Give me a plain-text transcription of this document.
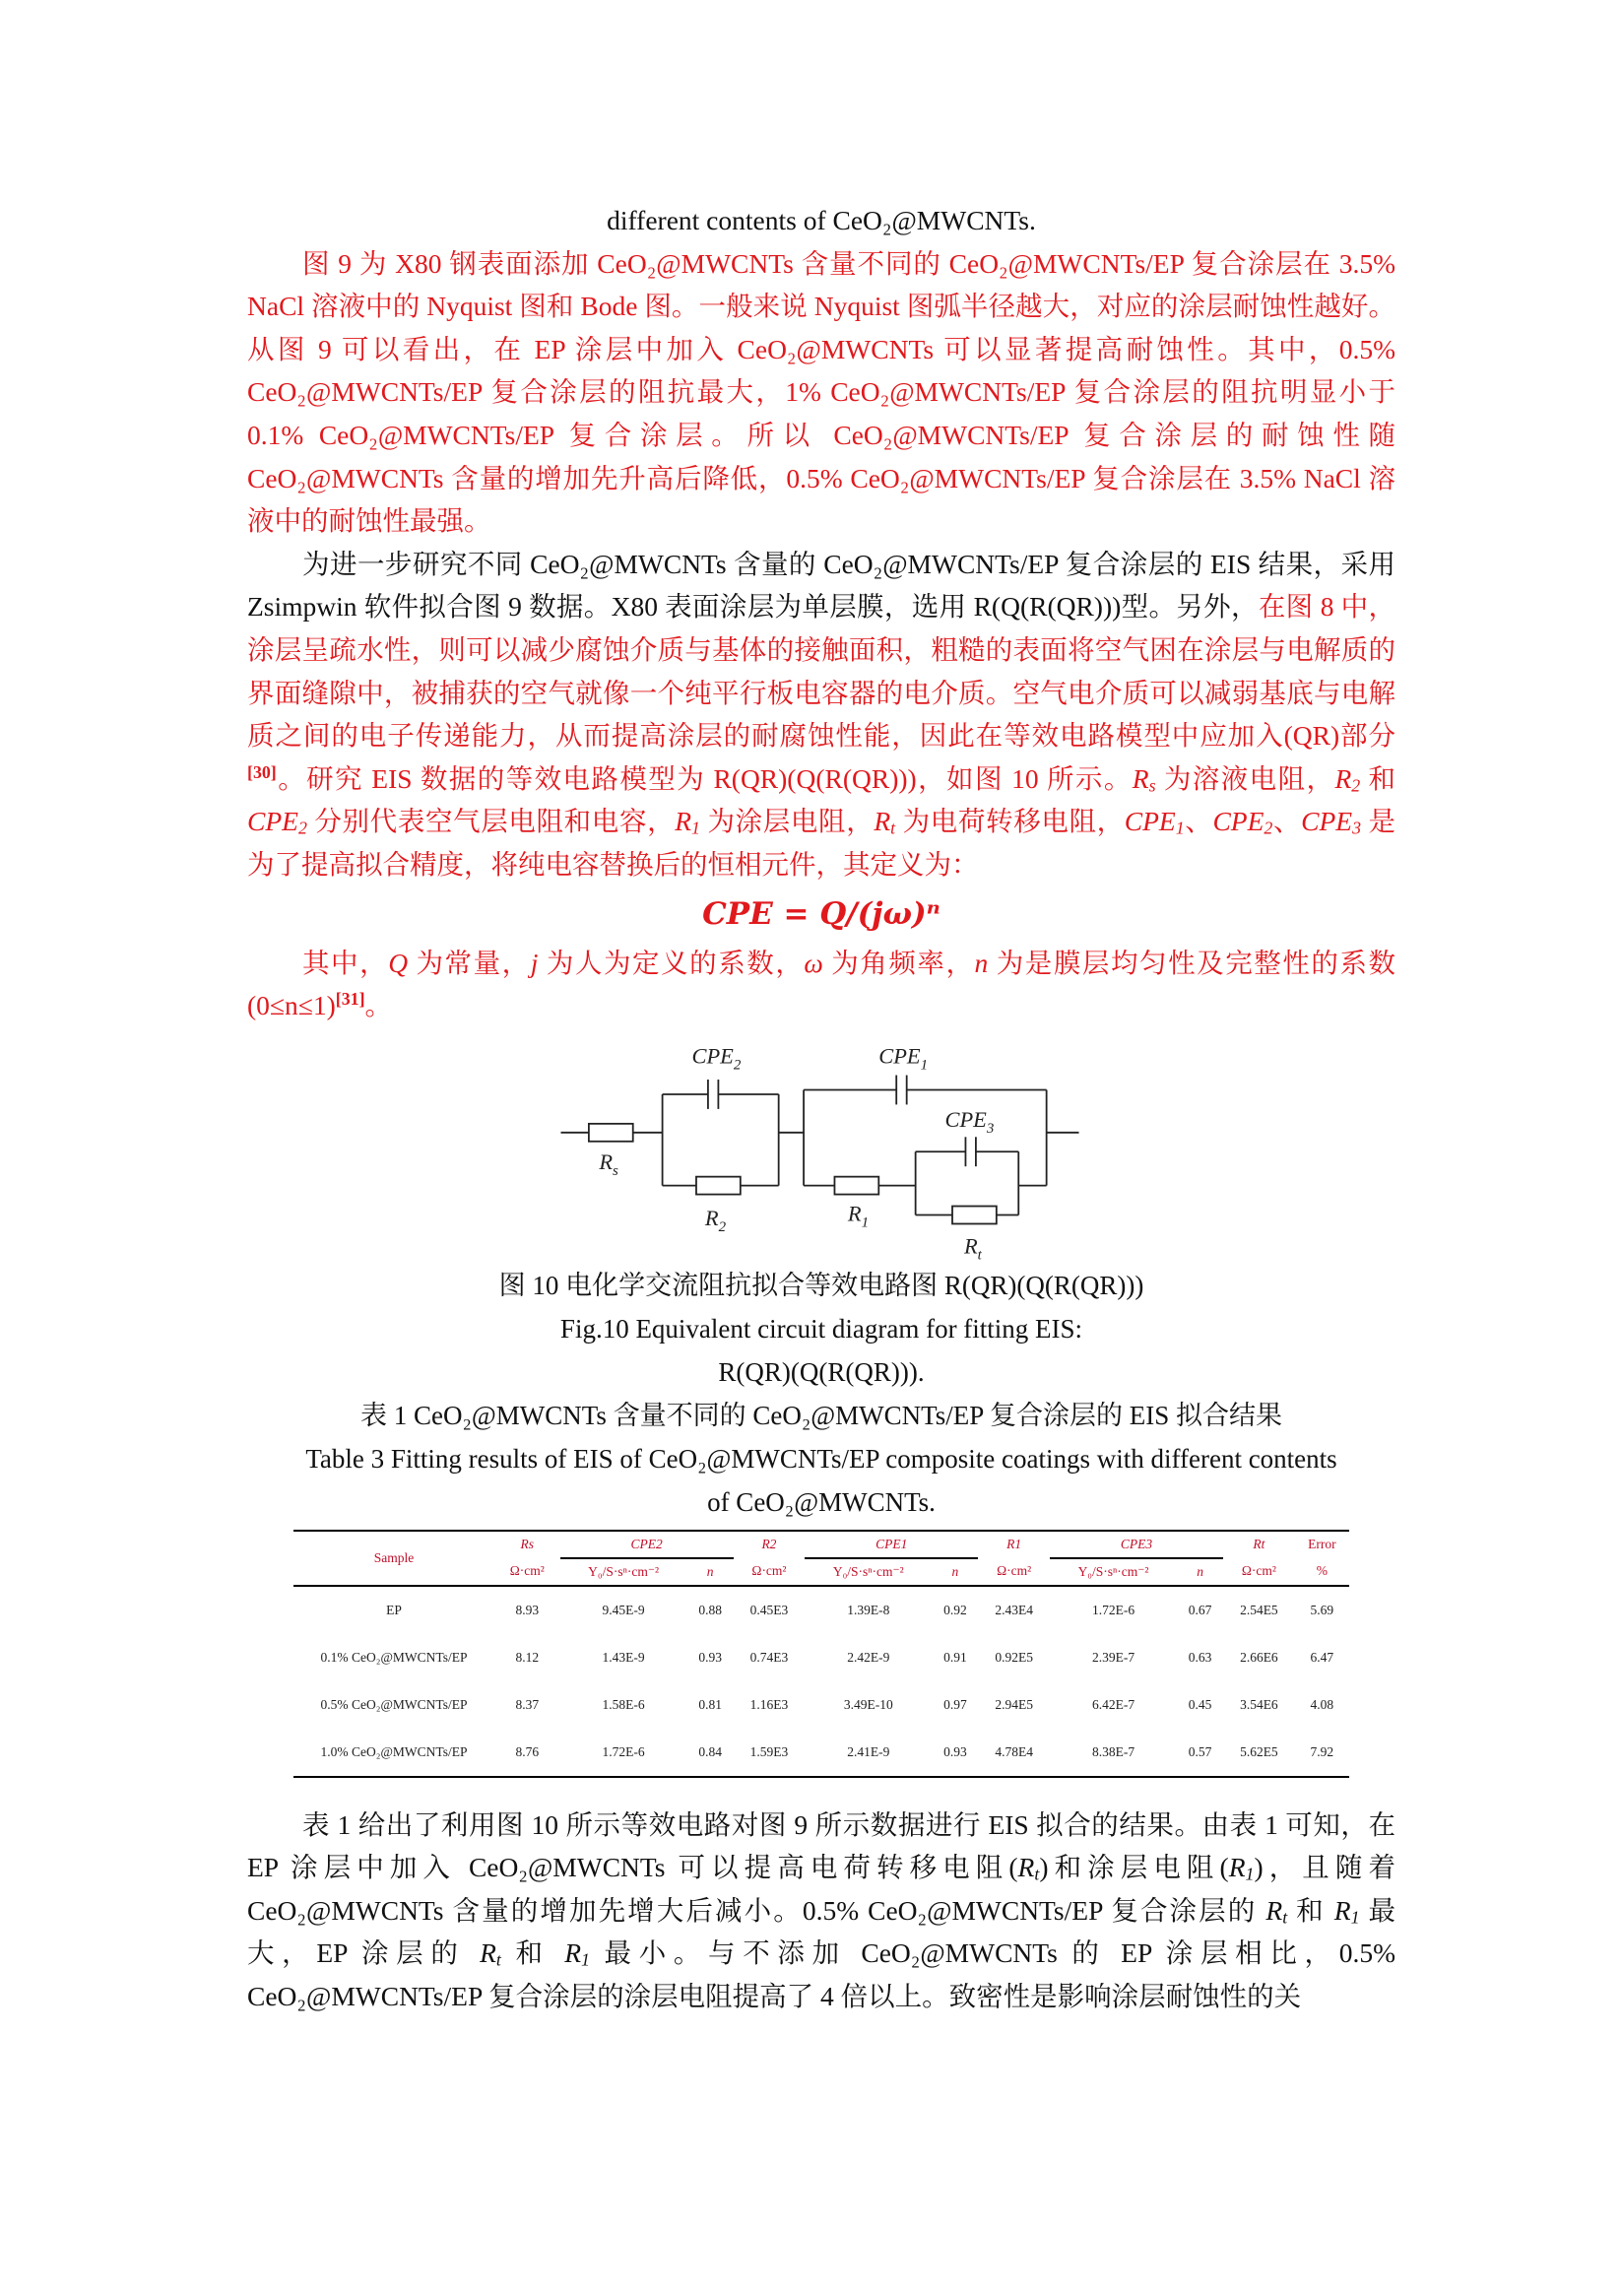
different contents of CeO₂@MWCNTs.

图 9 为 X80 钢表面添加 CeO₂@MWCNTs 含量不同的 CeO₂@MWCNTs/EP 复合涂层在 3.5% NaCl 溶液中的 Nyquist 图和 Bode 图。一般来说 Nyquist 图弧半径越大，对应的涂层耐蚀性越好。从图 9 可以看出，在 EP 涂层中加入 CeO₂@MWCNTs 可以显著提高耐蚀性。其中，0.5% CeO₂@MWCNTs/EP 复合涂层的阻抗最大，1% CeO₂@MWCNTs/EP 复合涂层的阻抗明显小于 0.1% CeO₂@MWCNTs/EP 复合涂层。所以 CeO₂@MWCNTs/EP 复合涂层的耐蚀性随 CeO₂@MWCNTs 含量的增加先升高后降低，0.5% CeO₂@MWCNTs/EP 复合涂层在 3.5% NaCl 溶液中的耐蚀性最强。

为进一步研究不同 CeO₂@MWCNTs 含量的 CeO₂@MWCNTs/EP 复合涂层的 EIS 结果，采用 Zsimpwin 软件拟合图 9 数据。X80 表面涂层为单层膜，选用 R(Q(R(QR)))型。另外，在图 8 中，涂层呈疏水性，则可以减少腐蚀介质与基体的接触面积，粗糙的表面将空气困在涂层与电解质的界面缝隙中，被捕获的空气就像一个纯平行板电容器的电介质。空气电介质可以减弱基底与电解质之间的电子传递能力，从而提高涂层的耐腐蚀性能，因此在等效电路模型中应加入(QR)部分[30]。研究 EIS 数据的等效电路模型为 R(QR)(Q(R(QR)))，如图 10 所示。$R_s$ 为溶液电阻，$R_2$ 和 $CPE_2$ 分别代表空气层电阻和电容，$R_1$ 为涂层电阻，$R_t$ 为电荷转移电阻，$CPE_1$、$CPE_2$、$CPE_3$ 是 为了提高拟合精度，将纯电容替换后的恒相元件，其定义为：

CPE = Q/(jω)ⁿ

其中，Q 为常量，j 为人为定义的系数，ω 为角频率，n 为是膜层均匀性及完整性的系数(0≤n≤1)[31]。

$CPE_2$	$CPE_1$
$CPE_3$
$R_s$
$R_2$
$R_1$
$R_t$

图 10 电化学交流阻抗拟合等效电路图 R(QR)(Q(R(QR)))

Fig.10 Equivalent circuit diagram for fitting EIS:

R(QR)(Q(R(QR))).

表 1 CeO₂@MWCNTs 含量不同的 CeO₂@MWCNTs/EP 复合涂层的 EIS 拟合结果

Table 3 Fitting results of EIS of CeO₂@MWCNTs/EP composite coatings with different contents

of CeO₂@MWCNTs.

Sample	Rs	CPE2		R2	CPE1		R1	CPE3		Rt	Error
	Ω·cm²	Y₀/S·sⁿ·cm⁻²	n	Ω·cm²	Y₀/S·sⁿ·cm⁻²	n	Ω·cm²	Y₀/S·sⁿ·cm⁻²	n	Ω·cm²	%
EP	8.93	9.45E-9	0.88	0.45E3	1.39E-8	0.92	2.43E4	1.72E-6	0.67	2.54E5	5.69
0.1% CeO₂@MWCNTs/EP	8.12	1.43E-9	0.93	0.74E3	2.42E-9	0.91	0.92E5	2.39E-7	0.63	2.66E6	6.47
0.5% CeO₂@MWCNTs/EP	8.37	1.58E-6	0.81	1.16E3	3.49E-10	0.97	2.94E5	6.42E-7	0.45	3.54E6	4.08
1.0% CeO₂@MWCNTs/EP	8.76	1.72E-6	0.84	1.59E3	2.41E-9	0.93	4.78E4	8.38E-7	0.57	5.62E5	7.92

表 1 给出了利用图 10 所示等效电路对图 9 所示数据进行 EIS 拟合的结果。由表 1 可知，在 EP 涂层中加入 CeO₂@MWCNTs 可以提高电荷转移电阻$(R_t)$和涂层电阻$(R_1)$，且随着 CeO₂@MWCNTs 含量的增加先增大后减小。0.5% CeO₂@MWCNTs/EP 复合涂层的 $R_t$ 和 $R_1$ 最大，EP 涂层的 $R_t$ 和 $R_1$ 最小。与不添加 CeO₂@MWCNTs 的 EP 涂层相比，0.5% CeO₂@MWCNTs/EP 复合涂层的涂层电阻提高了 4 倍以上。致密性是影响涂层耐蚀性的关
